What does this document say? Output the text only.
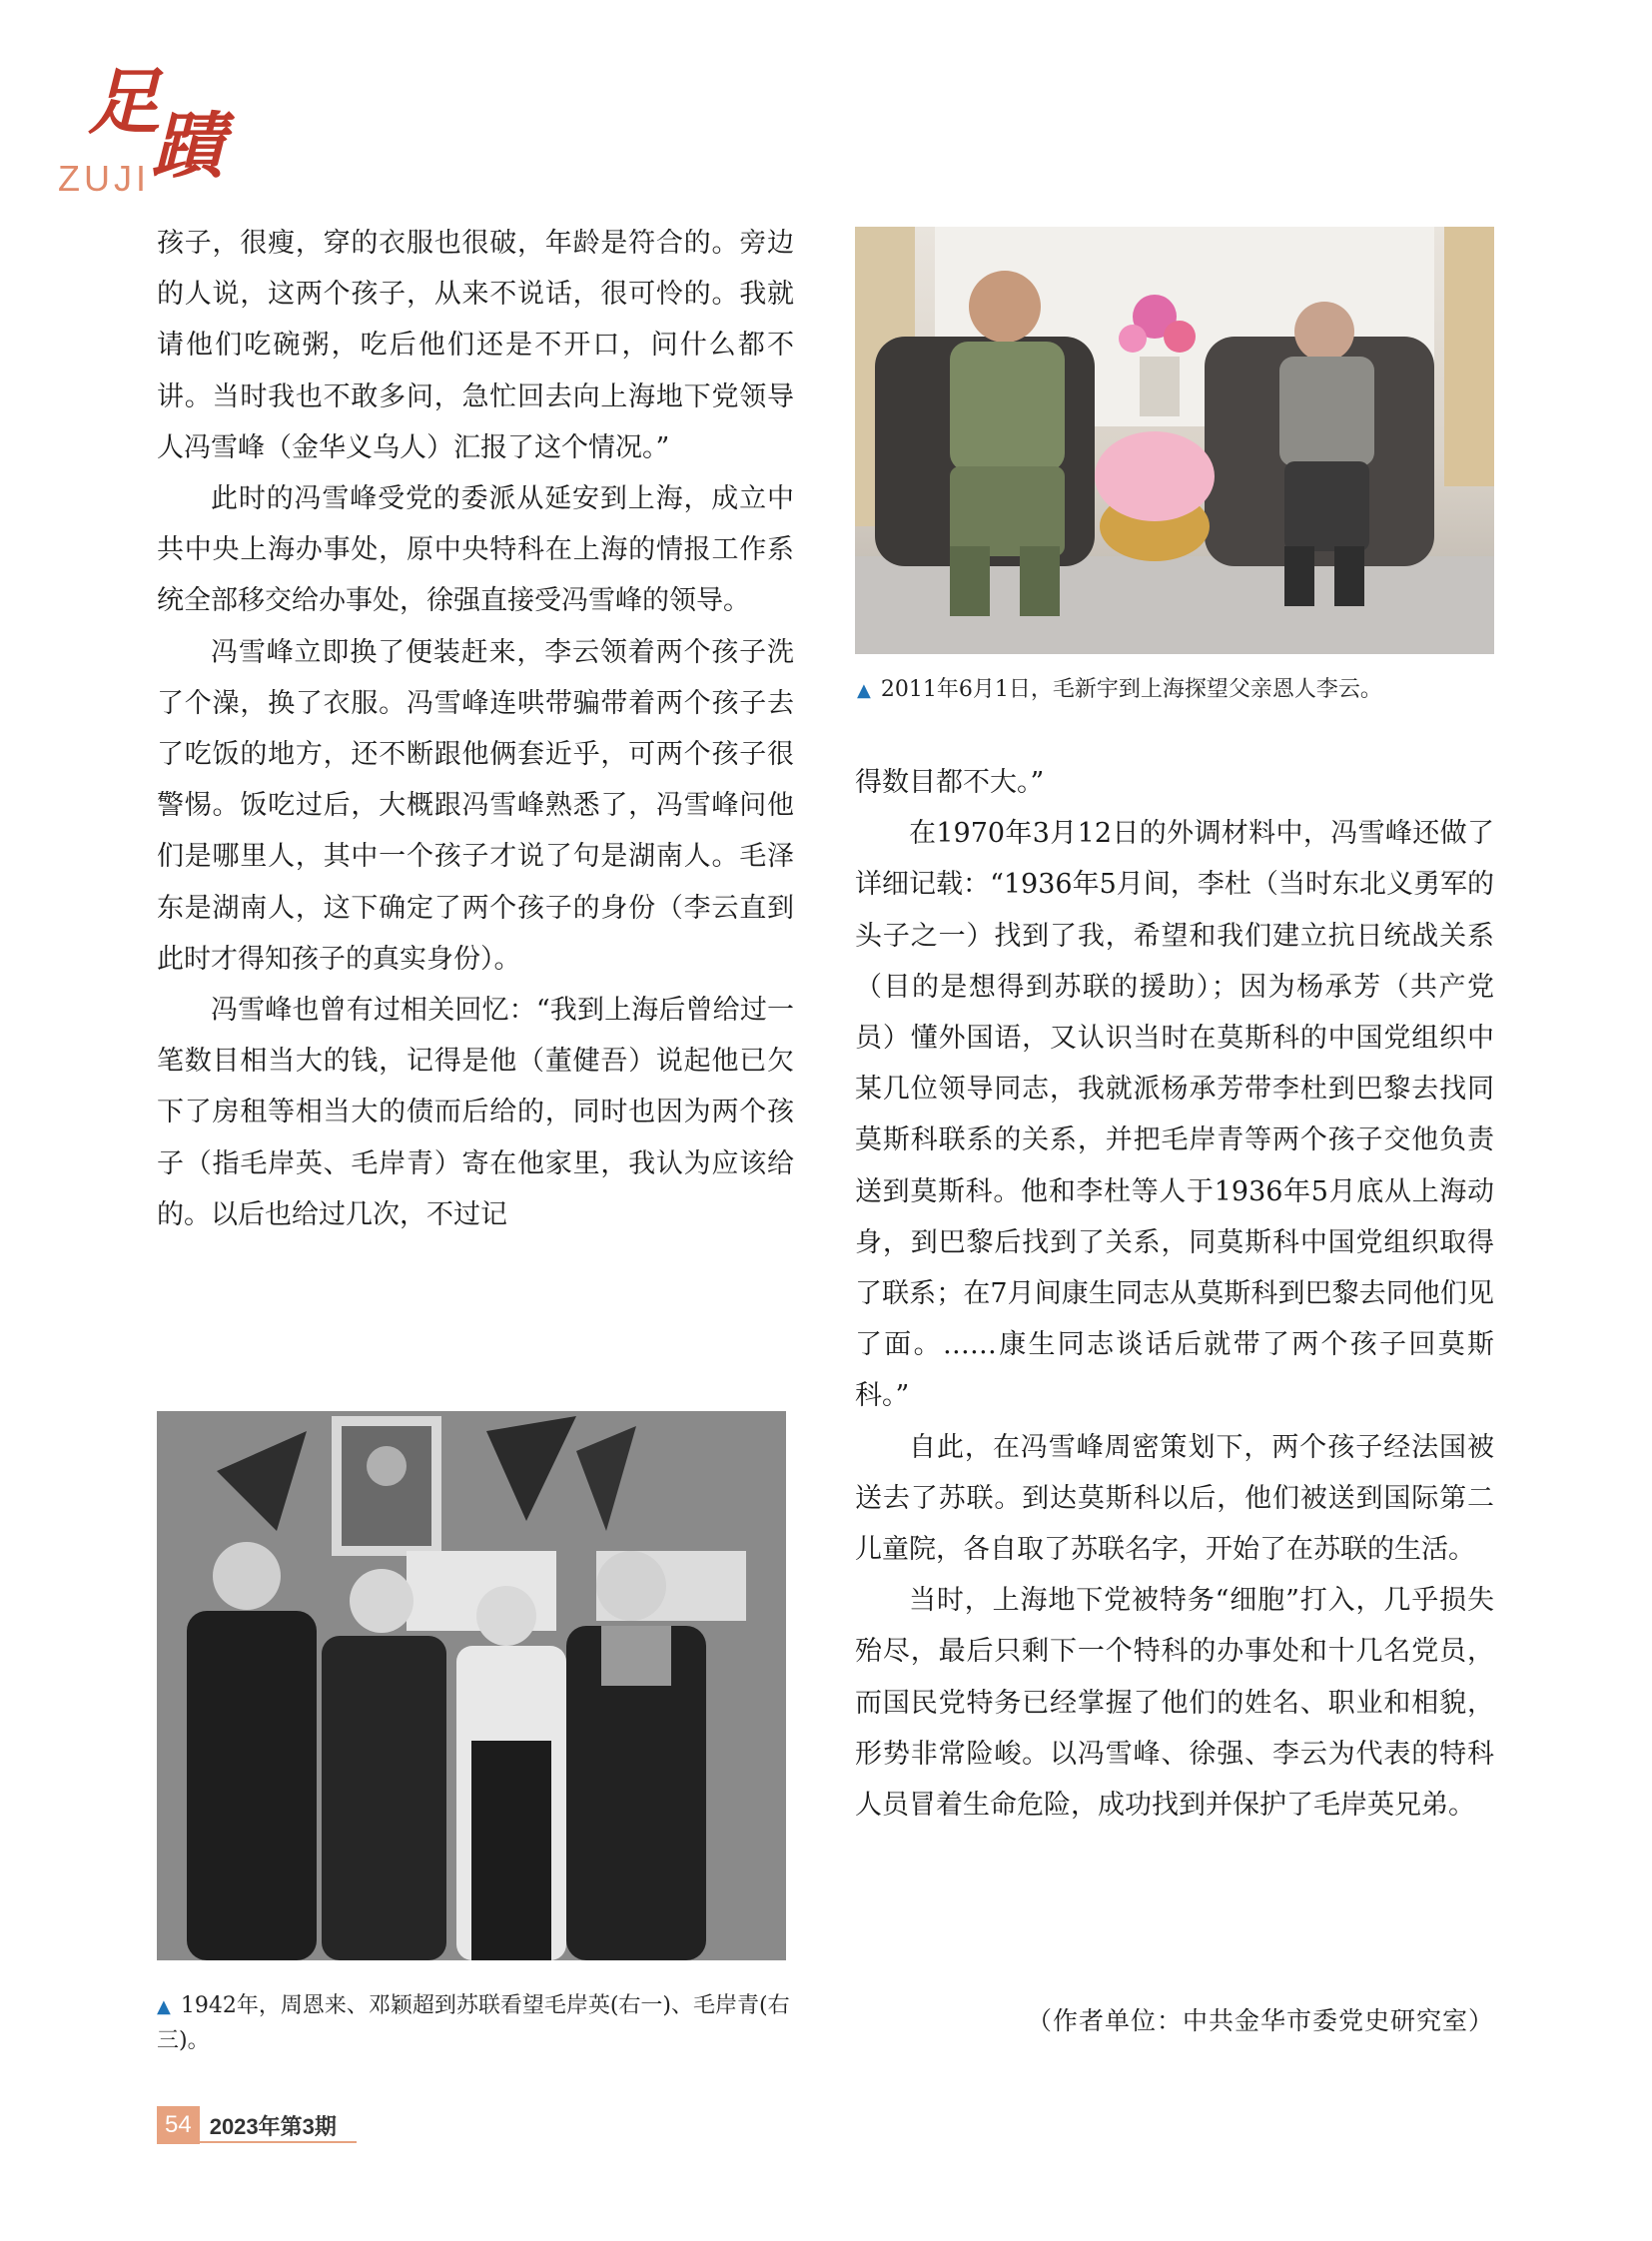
足蹟
ZUJI

孩子，很瘦，穿的衣服也很破，年龄是符合的。旁边的人说，这两个孩子，从来不说话，很可怜的。我就请他们吃碗粥，吃后他们还是不开口，问什么都不讲。当时我也不敢多问，急忙回去向上海地下党领导人冯雪峰（金华义乌人）汇报了这个情况。”

此时的冯雪峰受党的委派从延安到上海，成立中共中央上海办事处，原中央特科在上海的情报工作系统全部移交给办事处，徐强直接受冯雪峰的领导。

冯雪峰立即换了便装赶来，李云领着两个孩子洗了个澡，换了衣服。冯雪峰连哄带骗带着两个孩子去了吃饭的地方，还不断跟他俩套近乎，可两个孩子很警惕。饭吃过后，大概跟冯雪峰熟悉了，冯雪峰问他们是哪里人，其中一个孩子才说了句是湖南人。毛泽东是湖南人，这下确定了两个孩子的身份（李云直到此时才得知孩子的真实身份）。

冯雪峰也曾有过相关回忆：“我到上海后曾给过一笔数目相当大的钱，记得是他（董健吾）说起他已欠下了房租等相当大的债而后给的，同时也因为两个孩子（指毛岸英、毛岸青）寄在他家里，我认为应该给的。以后也给过几次，不过记

▲ 2011年6月1日，毛新宇到上海探望父亲恩人李云。

得数目都不大。”

在1970年3月12日的外调材料中，冯雪峰还做了详细记载：“1936年5月间，李杜（当时东北义勇军的头子之一）找到了我，希望和我们建立抗日统战关系（目的是想得到苏联的援助）；因为杨承芳（共产党员）懂外国语，又认识当时在莫斯科的中国党组织中某几位领导同志，我就派杨承芳带李杜到巴黎去找同莫斯科联系的关系，并把毛岸青等两个孩子交他负责送到莫斯科。他和李杜等人于1936年5月底从上海动身，到巴黎后找到了关系，同莫斯科中国党组织取得了联系；在7月间康生同志从莫斯科到巴黎去同他们见了面。……康生同志谈话后就带了两个孩子回莫斯科。”

自此，在冯雪峰周密策划下，两个孩子经法国被送去了苏联。到达莫斯科以后，他们被送到国际第二儿童院，各自取了苏联名字，开始了在苏联的生活。

当时，上海地下党被特务“细胞”打入，几乎损失殆尽，最后只剩下一个特科的办事处和十几名党员，而国民党特务已经掌握了他们的姓名、职业和相貌，形势非常险峻。以冯雪峰、徐强、李云为代表的特科人员冒着生命危险，成功找到并保护了毛岸英兄弟。

▲ 1942年，周恩来、邓颖超到苏联看望毛岸英(右一)、毛岸青(右三)。
（作者单位：中共金华市委党史研究室）
54 2023年第3期
